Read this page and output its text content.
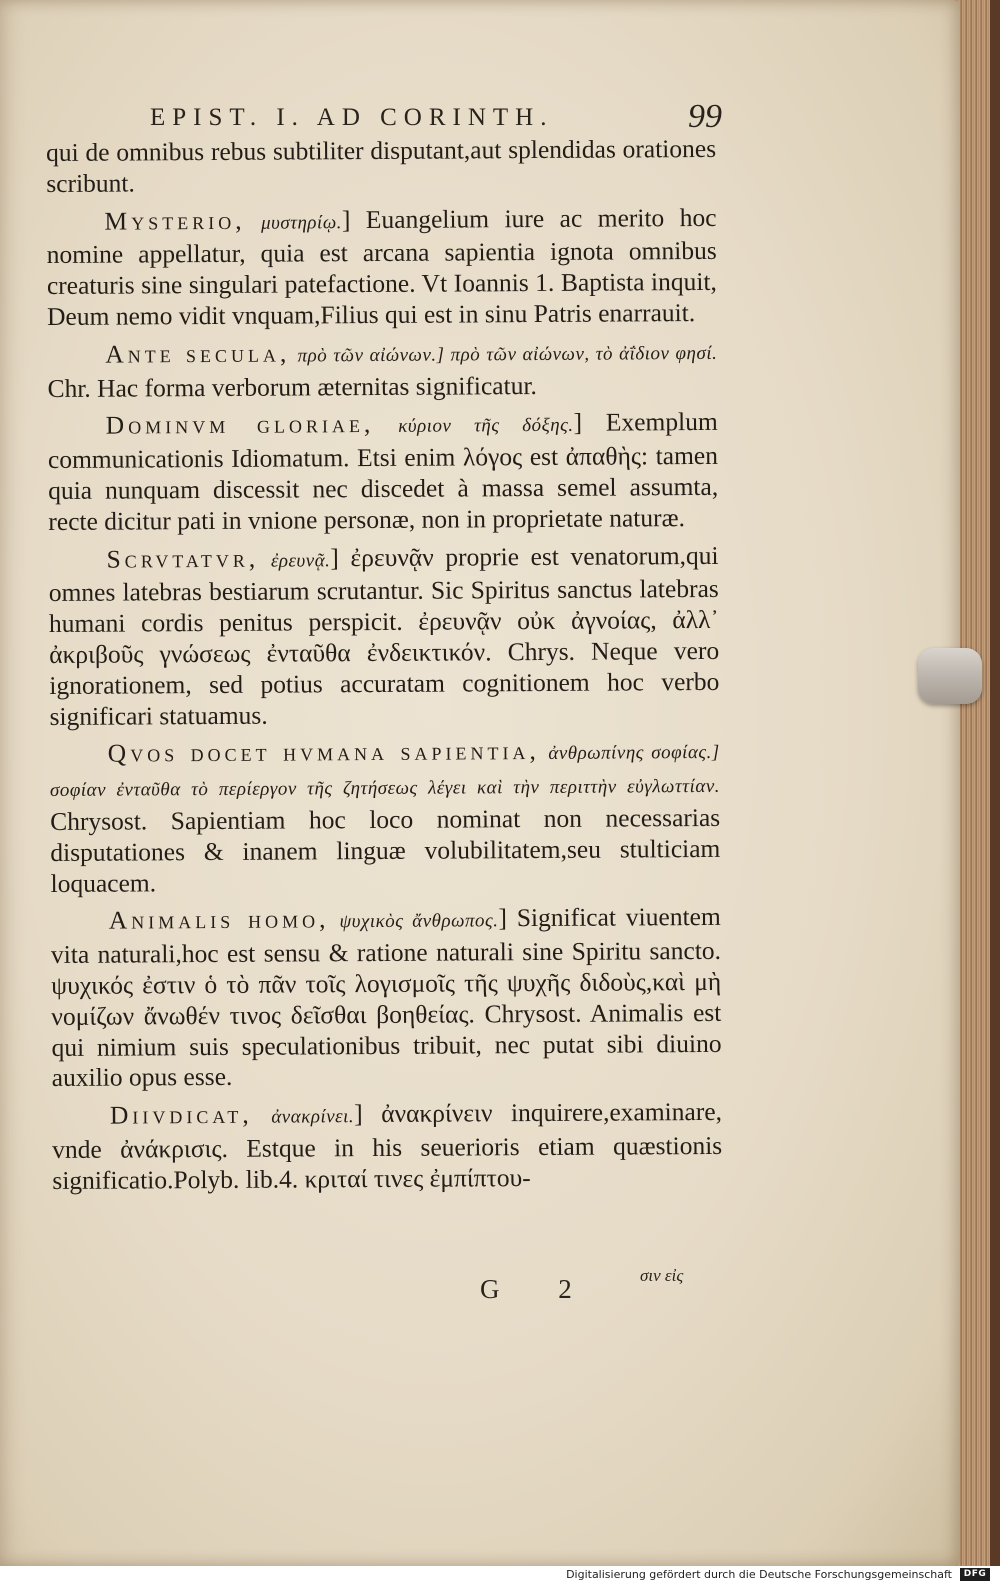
EPIST. I. AD CORINTH.	99

qui de omnibus rebus subtiliter disputant,aut splendidas orationes scribunt.

Mysterio, μυστηρίῳ.] Euangelium iure ac merito hoc nomine appellatur, quia est arcana sapientia ignota omnibus creaturis sine singulari patefactione. Vt Ioannis 1. Baptista inquit, Deum nemo vidit vnquam,Filius qui est in sinu Patris enarrauit.

Ante secula, πρὸ τῶν αἰώνων.] πρὸ τῶν αἰώνων, τὸ ἀΐδιον φησί. Chr. Hac forma verborum æternitas significatur.

Dominvm gloriae, κύριον τῆς δόξης.] Exemplum communicationis Idiomatum. Etsi enim λόγος est ἀπαθὴς: tamen quia nunquam discessit nec discedet à massa semel assumta, recte dicitur pati in vnione personæ, non in proprietate naturæ.

Scrvtatvr, ἐρευνᾷ.] ἐρευνᾷν proprie est venatorum,qui omnes latebras bestiarum scrutantur. Sic Spiritus sanctus latebras humani cordis penitus perspicit. ἐρευνᾷν οὐκ ἀγνοίας, ἀλλ᾽ ἀκριβοῦς γνώσεως ἐνταῦθα ἐνδεικτικόν. Chrys. Neque vero ignorationem, sed potius accuratam cognitionem hoc verbo significari statuamus.

Qvos docet hvmana sapientia, ἀνθρωπίνης σοφίας.] σοφίαν ἐνταῦθα τὸ περίεργον τῆς ζητήσεως λέγει καὶ τὴν περιττὴν εὐγλωττίαν. Chrysost. Sapientiam hoc loco nominat non necessarias disputationes & inanem linguæ volubilitatem,seu stulticiam loquacem.

Animalis homo, ψυχικὸς ἄνθρωπος.] Significat viuentem vita naturali,hoc est sensu & ratione naturali sine Spiritu sancto. ψυχικός ἐστιν ὁ τὸ πᾶν τοῖς λογισμοῖς τῆς ψυχῆς διδοὺς,καὶ μὴ νομίζων ἄνωθέν τινος δεῖσθαι βοηθείας. Chrysost. Animalis est qui nimium suis speculationibus tribuit, nec putat sibi diuino auxilio opus esse.

Diivdicat, ἀνακρίνει.] ἀνακρίνειν inquirere,examinare, vnde ἀνάκρισις. Estque in his seuerioris etiam quæstionis significatio.Polyb. lib.4. κριταί τινες ἐμπίπτου-

σιν εἰς
G 2
Digitalisierung gefördert durch die Deutsche Forschungsgemeinschaft	DFG
